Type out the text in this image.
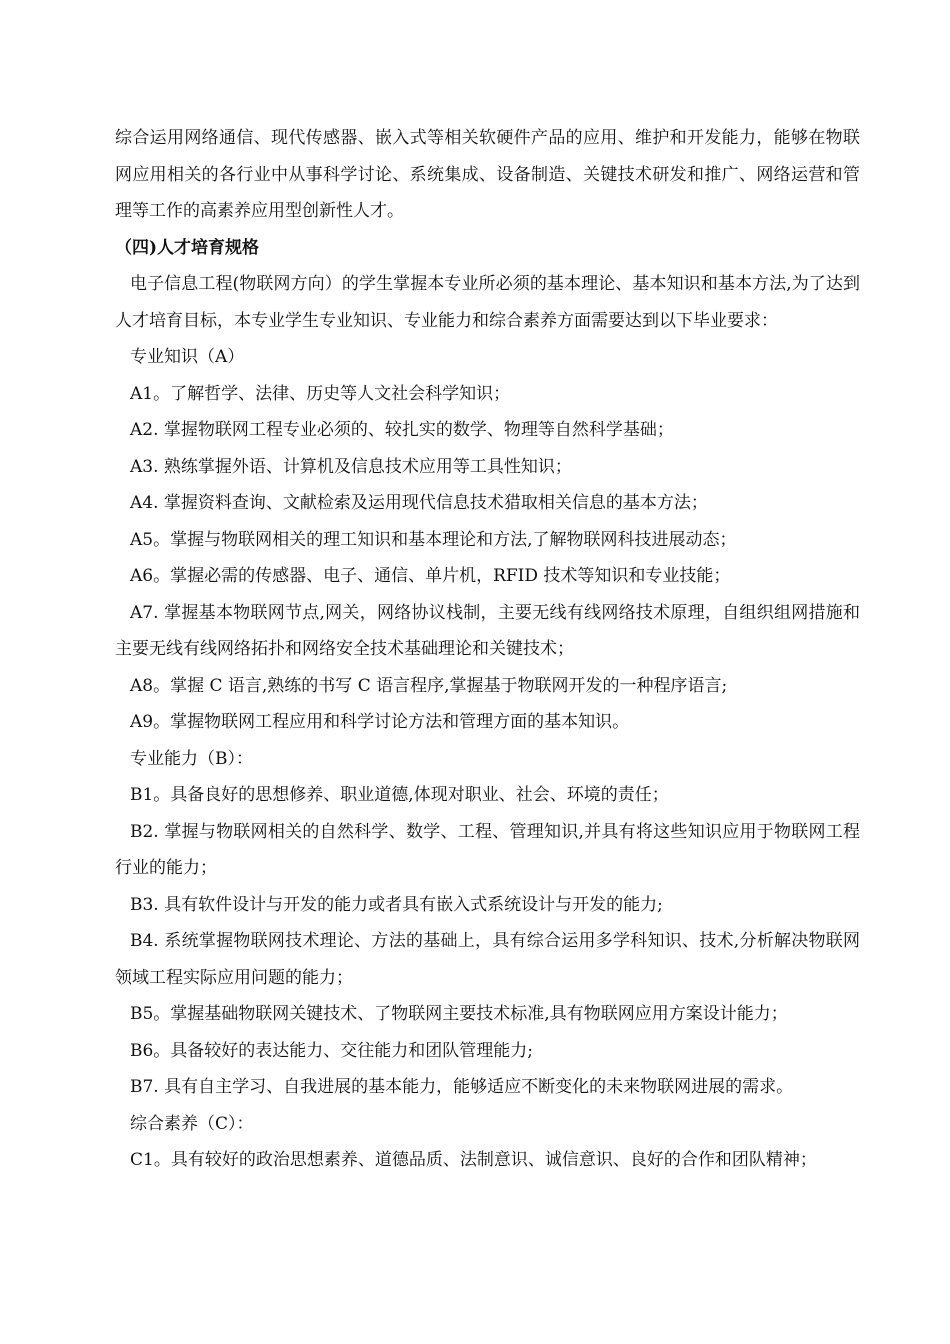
综合运用网络通信、现代传感器、嵌入式等相关软硬件产品的应用、维护和开发能力，能够在物联网应用相关的各行业中从事科学讨论、系统集成、设备制造、关键技术研发和推广、网络运营和管理等工作的高素养应用型创新性人才。

（四)人才培育规格

电子信息工程(物联网方向）的学生掌握本专业所必须的基本理论、基本知识和基本方法,为了达到人才培育目标，本专业学生专业知识、专业能力和综合素养方面需要达到以下毕业要求：

专业知识（A）

A1。了解哲学、法律、历史等人文社会科学知识；

A2. 掌握物联网工程专业必须的、较扎实的数学、物理等自然科学基础；

A3. 熟练掌握外语、计算机及信息技术应用等工具性知识；

A4. 掌握资料查询、文献检索及运用现代信息技术猎取相关信息的基本方法；

A5。掌握与物联网相关的理工知识和基本理论和方法,了解物联网科技进展动态；

A6。掌握必需的传感器、电子、通信、单片机，RFID 技术等知识和专业技能；

A7. 掌握基本物联网节点,网关，网络协议栈制，主要无线有线网络技术原理，自组织组网措施和主要无线有线网络拓扑和网络安全技术基础理论和关键技术；

A8。掌握 C 语言,熟练的书写 C 语言程序,掌握基于物联网开发的一种程序语言;

A9。掌握物联网工程应用和科学讨论方法和管理方面的基本知识。

专业能力（B）：

B1。具备良好的思想修养、职业道德,体现对职业、社会、环境的责任；

B2. 掌握与物联网相关的自然科学、数学、工程、管理知识,并具有将这些知识应用于物联网工程行业的能力；

B3. 具有软件设计与开发的能力或者具有嵌入式系统设计与开发的能力;

B4. 系统掌握物联网技术理论、方法的基础上，具有综合运用多学科知识、技术,分析解决物联网领域工程实际应用问题的能力；

B5。掌握基础物联网关键技术、了物联网主要技术标准,具有物联网应用方案设计能力；

B6。具备较好的表达能力、交往能力和团队管理能力;

B7. 具有自主学习、自我进展的基本能力，能够适应不断变化的未来物联网进展的需求。

综合素养（C）：

C1。具有较好的政治思想素养、道德品质、法制意识、诚信意识、良好的合作和团队精神；
